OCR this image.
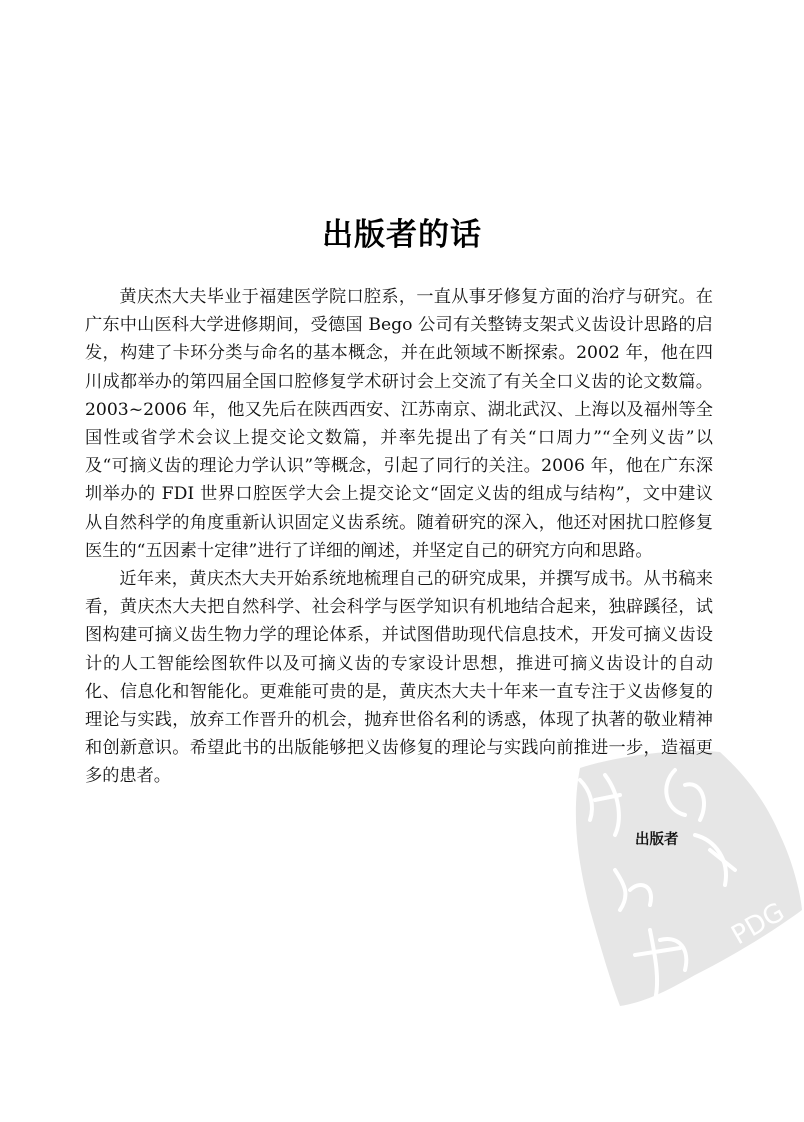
出版者的话

黄庆杰大夫毕业于福建医学院口腔系，一直从事牙修复方面的治疗与研究。在广东中山医科大学进修期间，受德国 Bego 公司有关整铸支架式义齿设计思路的启发，构建了卡环分类与命名的基本概念，并在此领域不断探索。2002 年，他在四川成都举办的第四届全国口腔修复学术研讨会上交流了有关全口义齿的论文数篇。2003~2006 年，他又先后在陕西西安、江苏南京、湖北武汉、上海以及福州等全国性或省学术会议上提交论文数篇，并率先提出了有关“口周力”“全列义齿”以及“可摘义齿的理论力学认识”等概念，引起了同行的关注。2006 年，他在广东深圳举办的 FDI 世界口腔医学大会上提交论文“固定义齿的组成与结构”，文中建议从自然科学的角度重新认识固定义齿系统。随着研究的深入，他还对困扰口腔修复医生的“五因素十定律”进行了详细的阐述，并坚定自己的研究方向和思路。

近年来，黄庆杰大夫开始系统地梳理自己的研究成果，并撰写成书。从书稿来看，黄庆杰大夫把自然科学、社会科学与医学知识有机地结合起来，独辟蹊径，试图构建可摘义齿生物力学的理论体系，并试图借助现代信息技术，开发可摘义齿设计的人工智能绘图软件以及可摘义齿的专家设计思想，推进可摘义齿设计的自动化、信息化和智能化。更难能可贵的是，黄庆杰大夫十年来一直专注于义齿修复的理论与实践，放弃工作晋升的机会，抛弃世俗名利的诱惑，体现了执著的敬业精神和创新意识。希望此书的出版能够把义齿修复的理论与实践向前推进一步，造福更多的患者。

PDG
出版者
